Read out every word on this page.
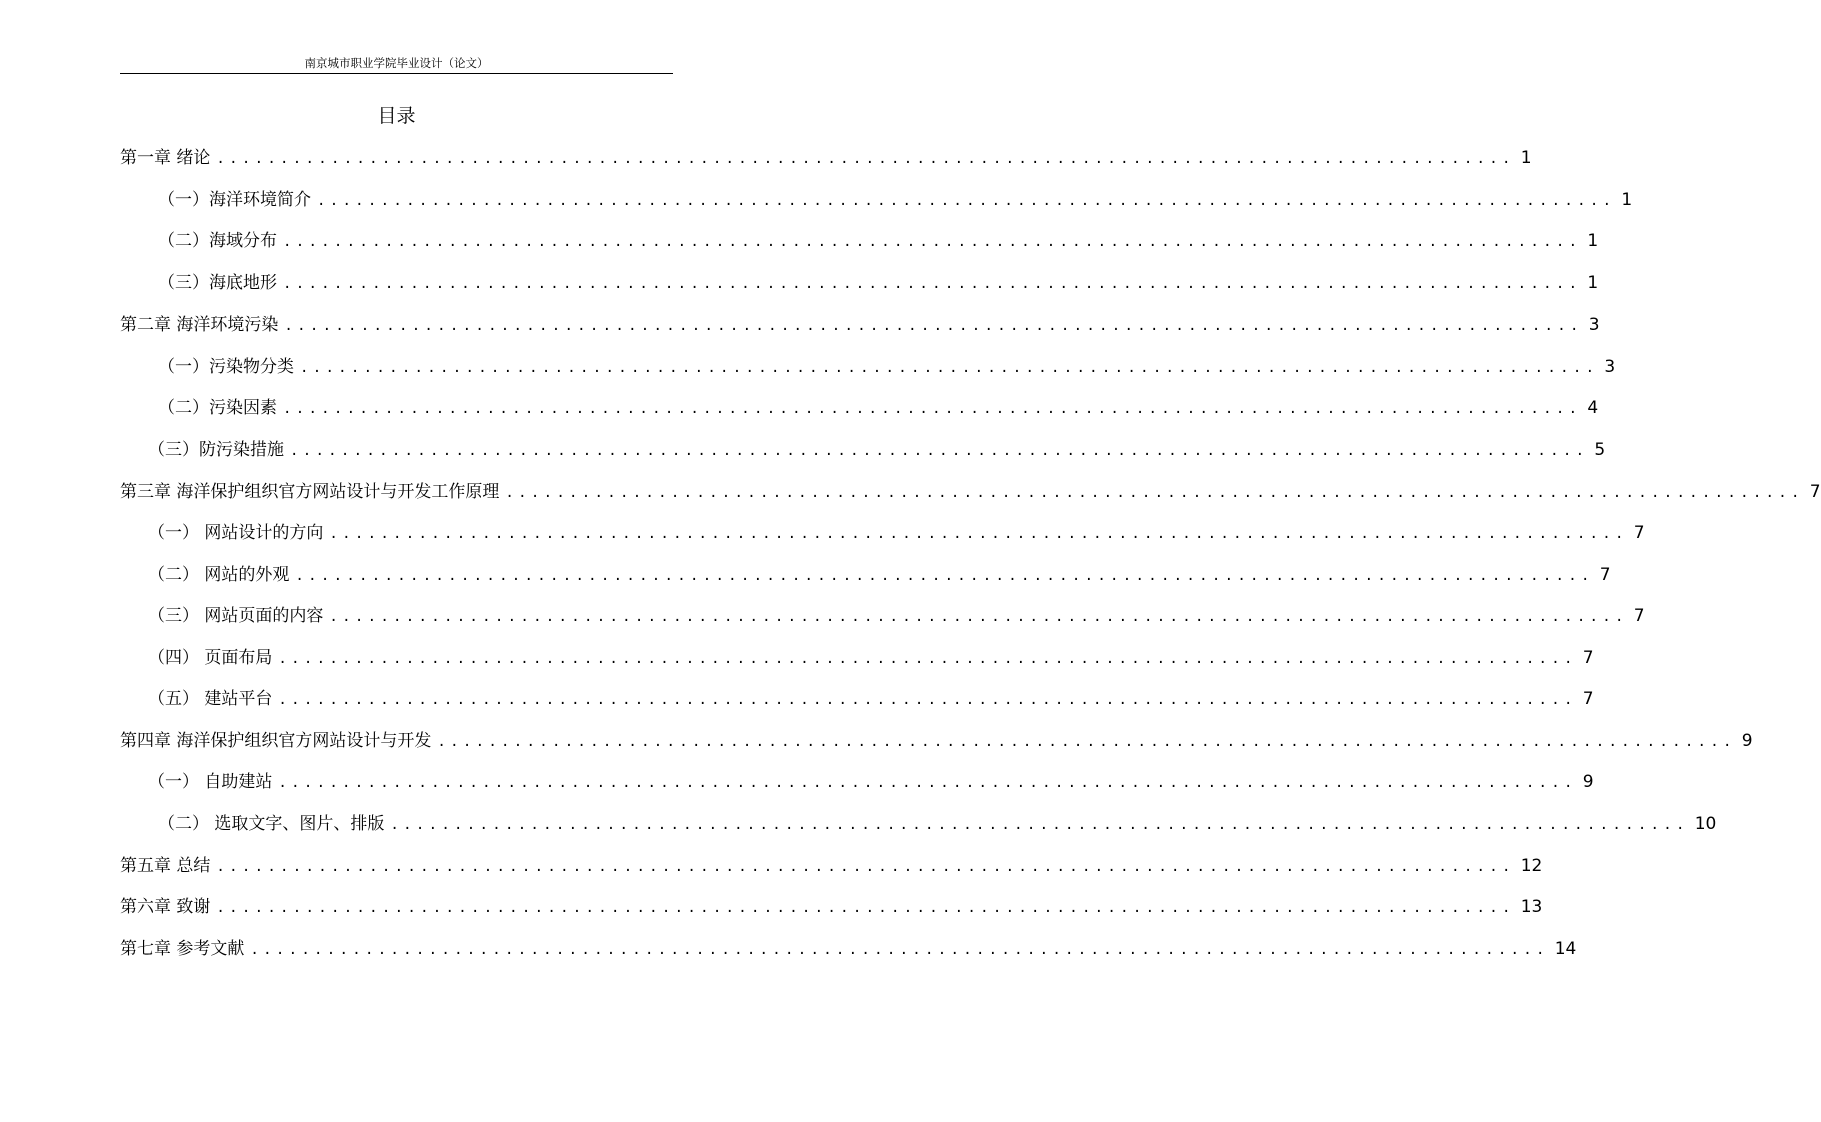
南京城市职业学院毕业设计（论文）
目录
第一章 绪论 ...................................................................................................... 1
（一）海洋环境简介 ...................................................................................................... 1
（二）海域分布 ...................................................................................................... 1
（三）海底地形 ...................................................................................................... 1
第二章 海洋环境污染 ...................................................................................................... 3
（一）污染物分类 ...................................................................................................... 3
（二）污染因素 ...................................................................................................... 4
（三）防污染措施 ...................................................................................................... 5
第三章 海洋保护组织官方网站设计与开发工作原理 ...................................................................................................... 7
（一） 网站设计的方向 ...................................................................................................... 7
（二） 网站的外观 ...................................................................................................... 7
（三） 网站页面的内容 ...................................................................................................... 7
（四） 页面布局 ...................................................................................................... 7
（五） 建站平台 ...................................................................................................... 7
第四章 海洋保护组织官方网站设计与开发 ...................................................................................................... 9
（一） 自助建站 ...................................................................................................... 9
（二） 选取文字、图片、排版 ...................................................................................................... 10
第五章 总结 ...................................................................................................... 12
第六章 致谢 ...................................................................................................... 13
第七章 参考文献 ...................................................................................................... 14
